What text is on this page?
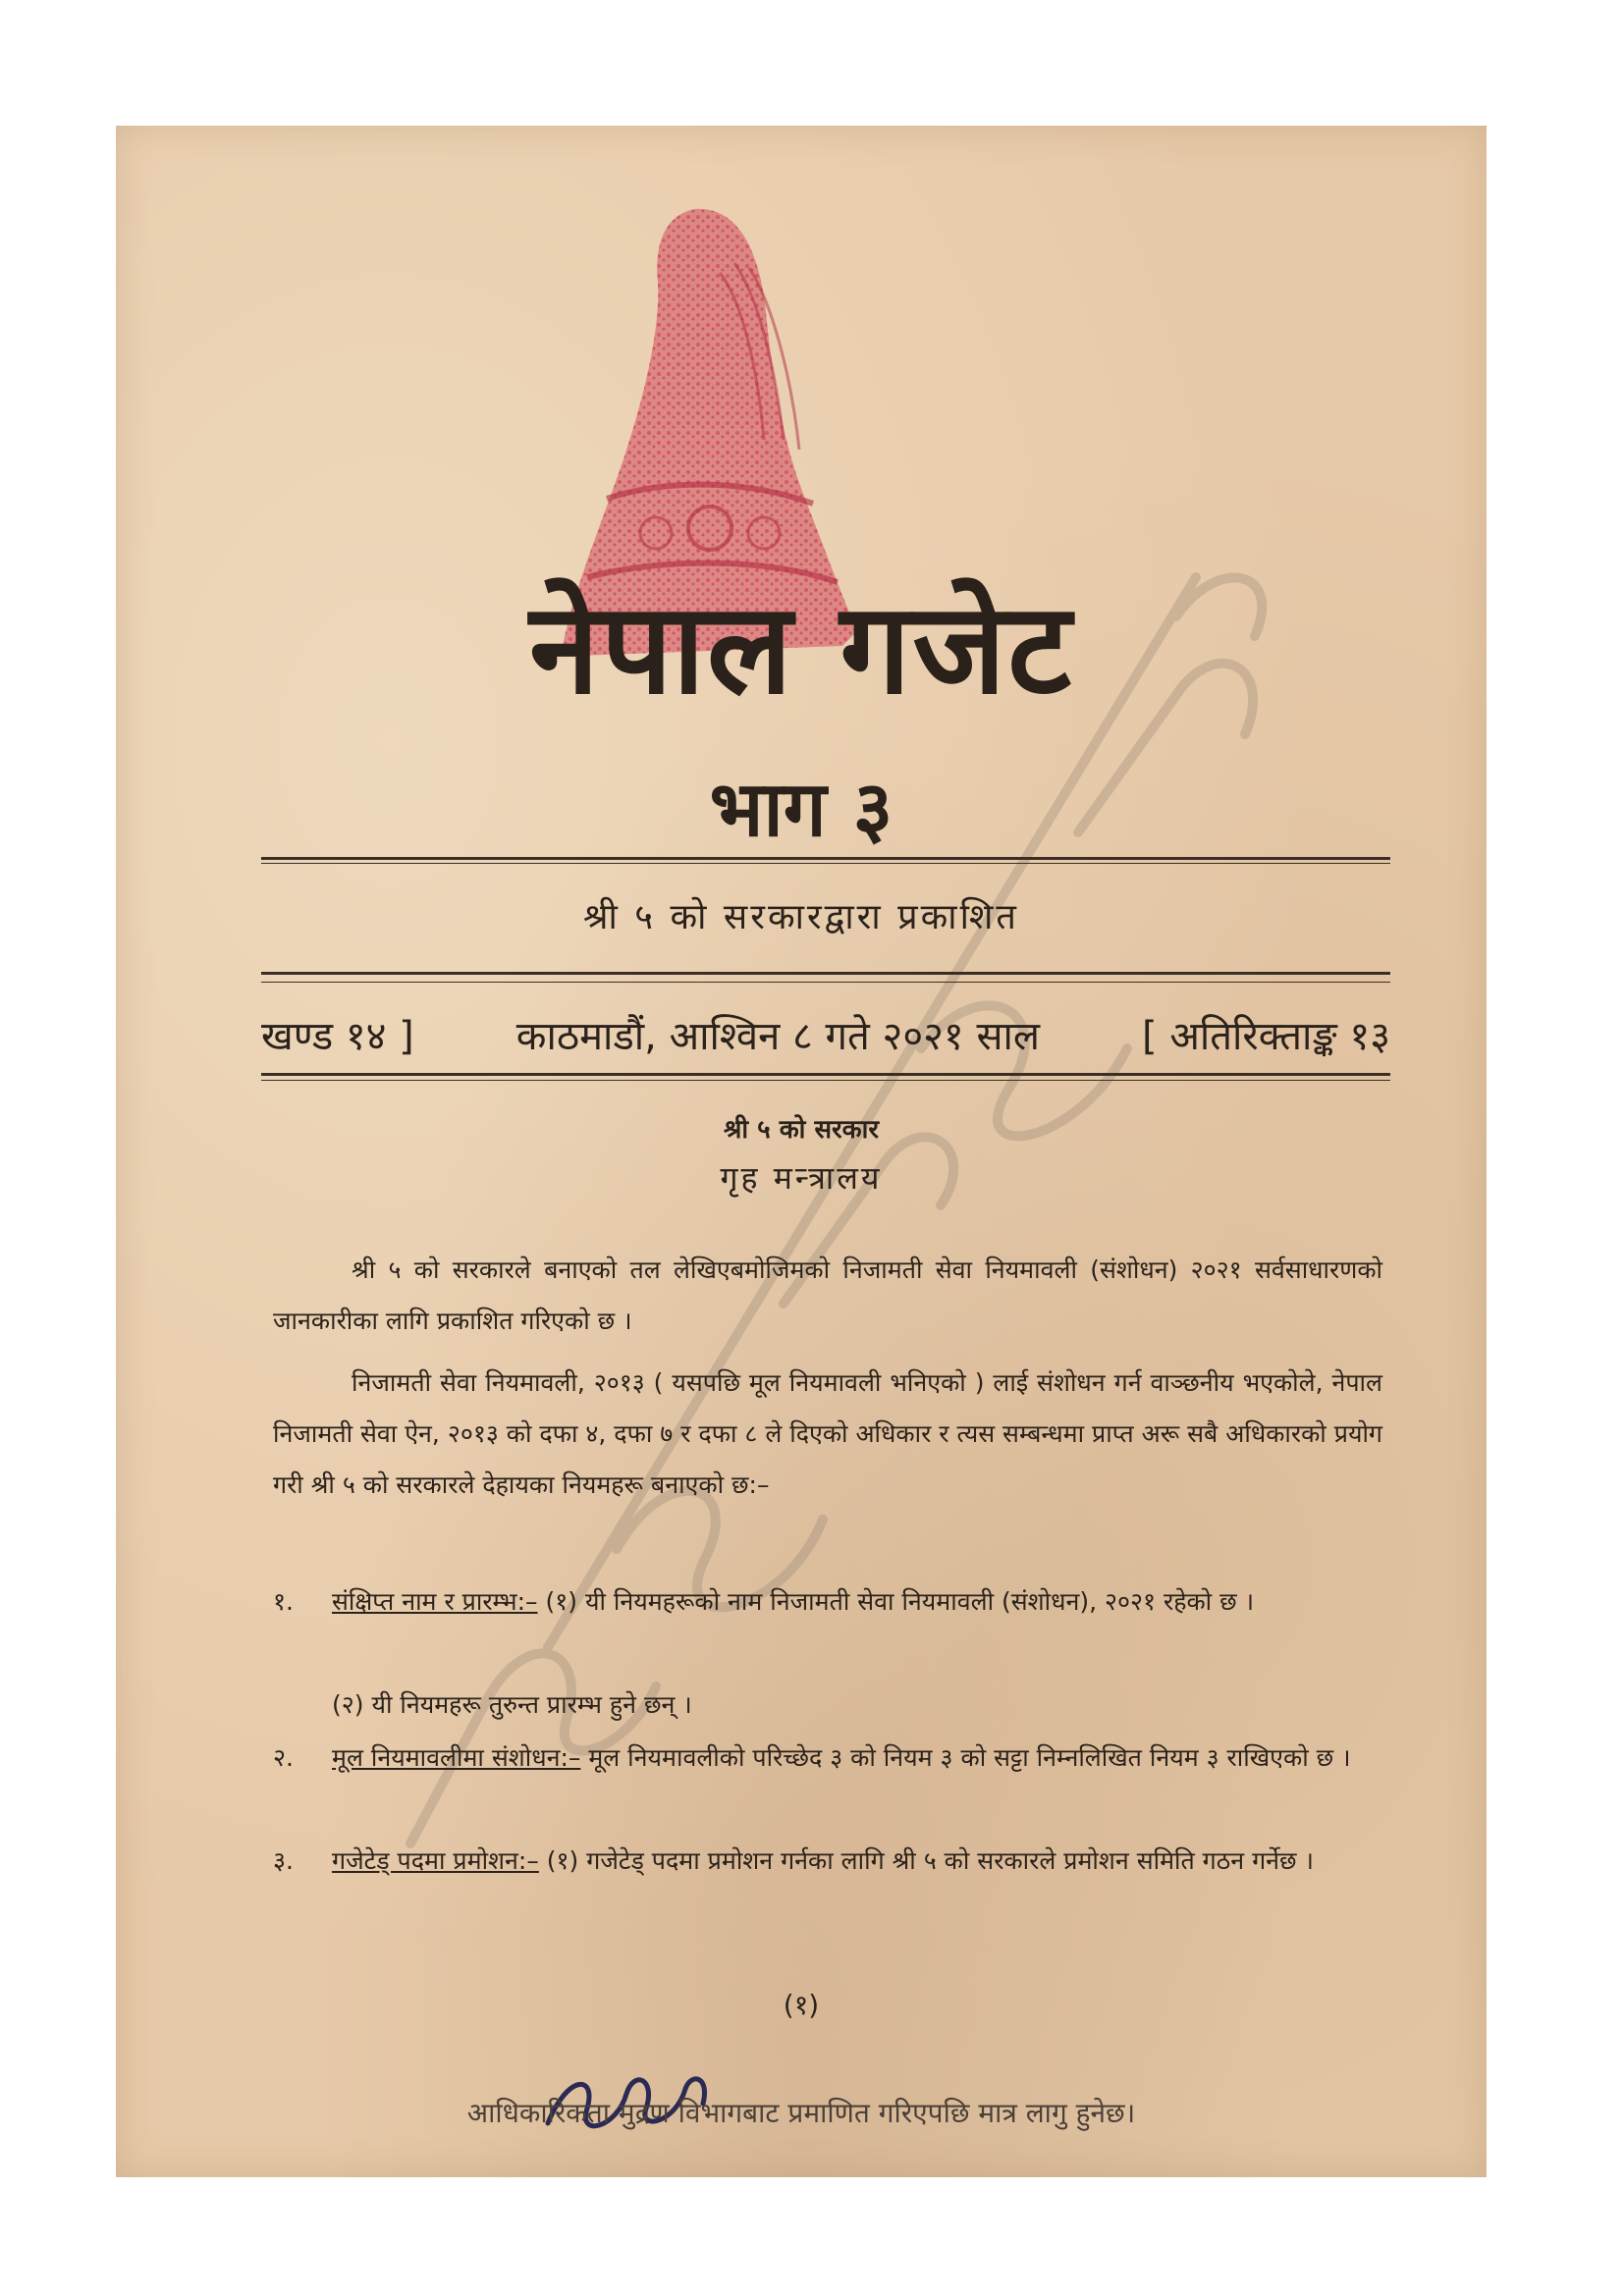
नेपाल गजेट
भाग ३
श्री ५ को सरकारद्वारा प्रकाशित
खण्ड १४ ]	काठमाडौं, आश्विन ८ गते २०२१ साल	[ अतिरिक्ताङ्क १३
श्री ५ को सरकार
गृह मन्त्रालय
श्री ५ को सरकारले बनाएको तल लेखिएबमोजिमको निजामती सेवा नियमावली (संशोधन) २०२१ सर्वसाधारणको जानकारीका लागि प्रकाशित गरिएको छ ।
निजामती सेवा नियमावली, २०१३ ( यसपछि मूल नियमावली भनिएको ) लाई संशोधन गर्न वाञ्छनीय भएकोले, नेपाल निजामती सेवा ऐन, २०१३ को दफा ४, दफा ७ र दफा ८ ले दिएको अधिकार र त्यस सम्बन्धमा प्राप्त अरू सबै अधिकारको प्रयोग गरी श्री ५ को सरकारले देहायका नियमहरू बनाएको छ:–
१.	संक्षिप्त नाम र प्रारम्भ:– (१) यी नियमहरूको नाम निजामती सेवा नियमावली (संशोधन), २०२१ रहेको छ ।
(२) यी नियमहरू तुरुन्त प्रारम्भ हुने छन् ।
२.	मूल नियमावलीमा संशोधन:– मूल नियमावलीको परिच्छेद ३ को नियम ३ को सट्टा निम्नलिखित नियम ३ राखिएको छ ।
३.	गजेटेड् पदमा प्रमोशन:– (१) गजेटेड् पदमा प्रमोशन गर्नका लागि श्री ५ को सरकारले प्रमोशन समिति गठन गर्नेछ ।
(१)
आधिकारिकता मुद्रण विभागबाट प्रमाणित गरिएपछि मात्र लागु हुनेछ।
